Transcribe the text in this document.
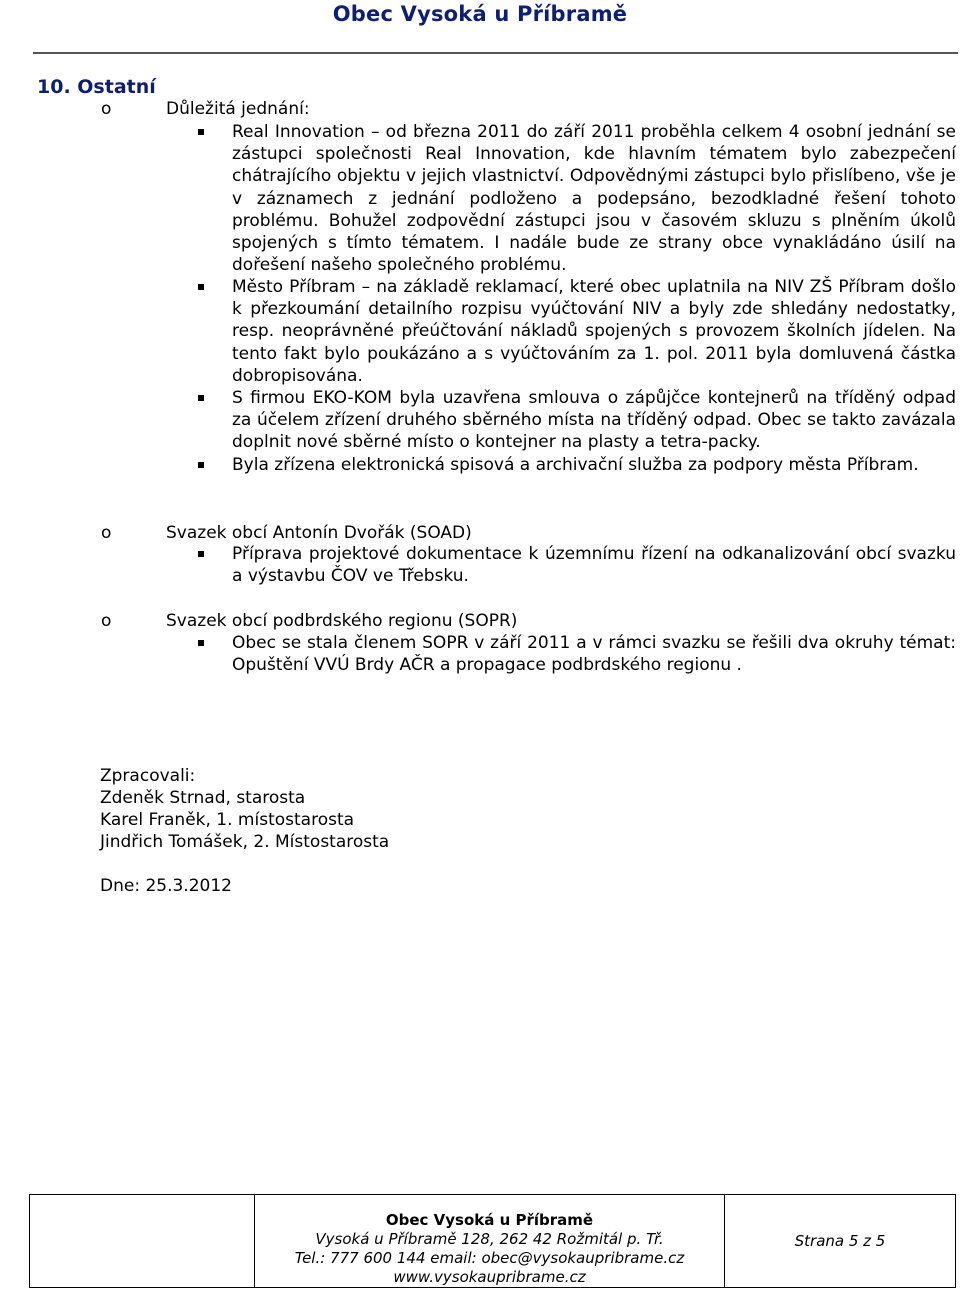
Obec Vysoká u Příbramě
10. Ostatní
o	Důležitá jednání:

Real Innovation – od března 2011 do září 2011 proběhla celkem 4 osobní jednání se zástupci společnosti Real Innovation, kde hlavním tématem bylo zabezpečení chátrajícího objektu v jejich vlastnictví. Odpovědnými zástupci bylo přislíbeno, vše je v záznamech z jednání podloženo a podepsáno, bezodkladné řešení tohoto problému. Bohužel zodpovědní zástupci jsou v časovém skluzu s plněním úkolů spojených s tímto tématem. I nadále bude ze strany obce vynakládáno úsilí na dořešení našeho společného problému.

Město Příbram – na základě reklamací, které obec uplatnila na NIV ZŠ Příbram došlo k přezkoumání detailního rozpisu vyúčtování NIV a byly zde shledány nedostatky, resp. neoprávněné přeúčtování nákladů spojených s provozem školních jídelen. Na tento fakt bylo poukázáno a s vyúčtováním za 1. pol. 2011 byla domluvená částka dobropisována.

S firmou EKO-KOM byla uzavřena smlouva o zápůjčce kontejnerů na tříděný odpad za účelem zřízení druhého sběrného místa na tříděný odpad. Obec se takto zavázala doplnit nové sběrné místo o kontejner na plasty a tetra-packy.

Byla zřízena elektronická spisová a archivační služba za podpory města Příbram.

o	Svazek obcí Antonín Dvořák (SOAD)

Příprava projektové dokumentace k územnímu řízení na odkanalizování obcí svazku a výstavbu ČOV ve Třebsku.

o	Svazek obcí podbrdského regionu (SOPR)

Obec se stala členem SOPR v září 2011 a v rámci svazku se řešili dva okruhy témat: Opuštění VVÚ Brdy AČR a propagace podbrdského regionu .

Zpracovali:
Zdeněk Strnad, starosta
Karel Franěk, 1. místostarosta
Jindřich Tomášek, 2. Místostarosta
Dne: 25.3.2012
Obec Vysoká u Příbramě
Vysoká u Příbramě 128, 262 42 Rožmitál p. Tř.
Tel.: 777 600 144 email: obec@vysokaupribrame.cz
www.vysokaupribrame.cz
Strana 5 z 5
